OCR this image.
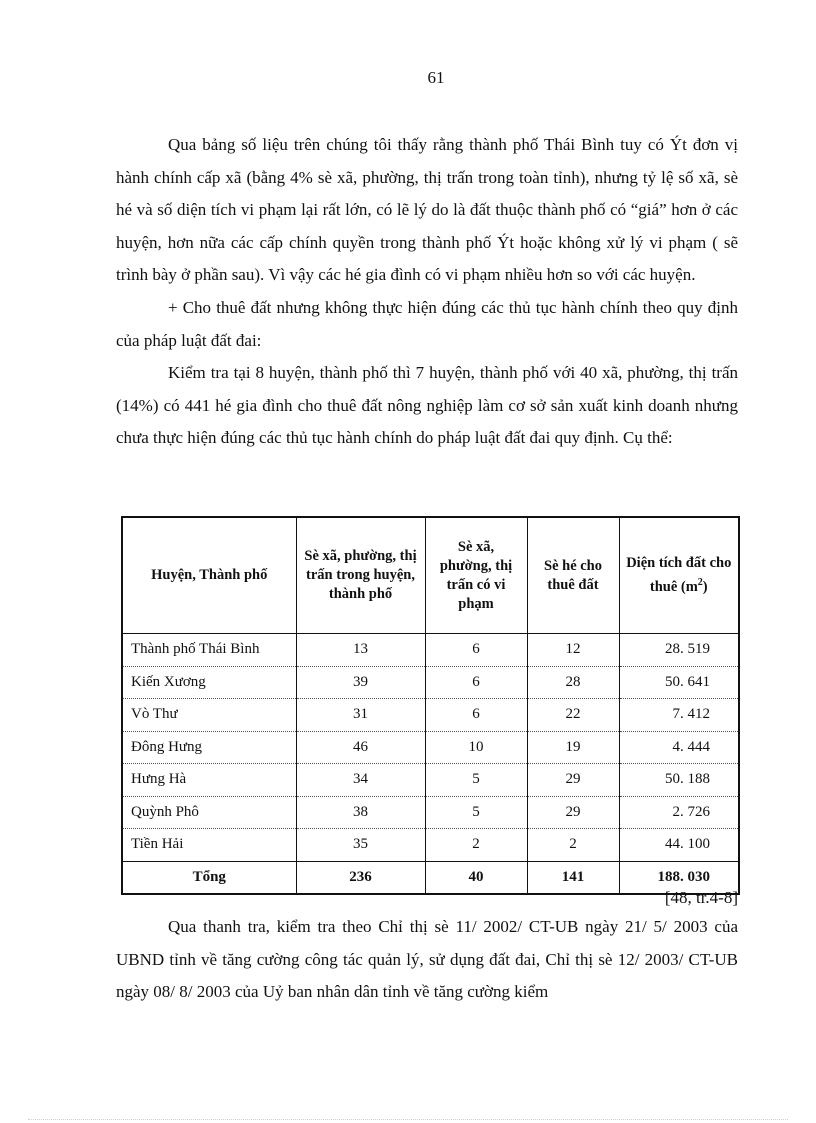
61

Qua bảng số liệu trên chúng tôi thấy rằng thành phố Thái Bình tuy có Ýt đơn vị hành chính cấp xã (bằng 4% sè xã, phường, thị trấn trong toàn tỉnh), nhưng tỷ lệ số xã, sè hé và số diện tích vi phạm lại rất lớn, có lẽ lý do là đất thuộc thành phố có “giá” hơn ở các huyện, hơn nữa các cấp chính quyền trong thành phố Ýt hoặc không xử lý vi phạm ( sẽ trình bày ở phần sau). Vì vậy các hé gia đình có vi phạm nhiều hơn so với các huyện.

+ Cho thuê đất nhưng không thực hiện đúng các thủ tục hành chính theo quy định của pháp luật đất đai:

Kiểm tra tại 8 huyện, thành phố thì 7 huyện, thành phố với 40 xã, phường, thị trấn (14%) có 441 hé gia đình cho thuê đất nông nghiệp làm cơ sở sản xuất kinh doanh nhưng chưa thực hiện đúng các thủ tục hành chính do pháp luật đất đai quy định. Cụ thể:

Huyện, Thành phố	Sè xã, phường, thị trấn trong huyện, thành phố	Sè xã, phường, thị trấn có vi phạm	Sè hé cho thuê đất	Diện tích đất cho thuê $(m^2)$
Thành phố Thái Bình	13	6	12	28. 519
Kiến Xương	39	6	28	50. 641
Vò Thư	31	6	22	7. 412
Đông Hưng	46	10	19	4. 444
Hưng Hà	34	5	29	50. 188
Quỳnh Phô	38	5	29	2. 726
Tiền Hải	35	2	2	44. 100
Tổng	236	40	141	188. 030
[48, tr.4-8]

Qua thanh tra, kiểm tra theo Chỉ thị sè 11/ 2002/ CT-UB ngày 21/ 5/ 2003 của UBND tỉnh về tăng cường công tác quản lý, sử dụng đất đai, Chỉ thị sè 12/ 2003/ CT-UB ngày 08/ 8/ 2003 của Uỷ ban nhân dân tỉnh về tăng cường kiểm
